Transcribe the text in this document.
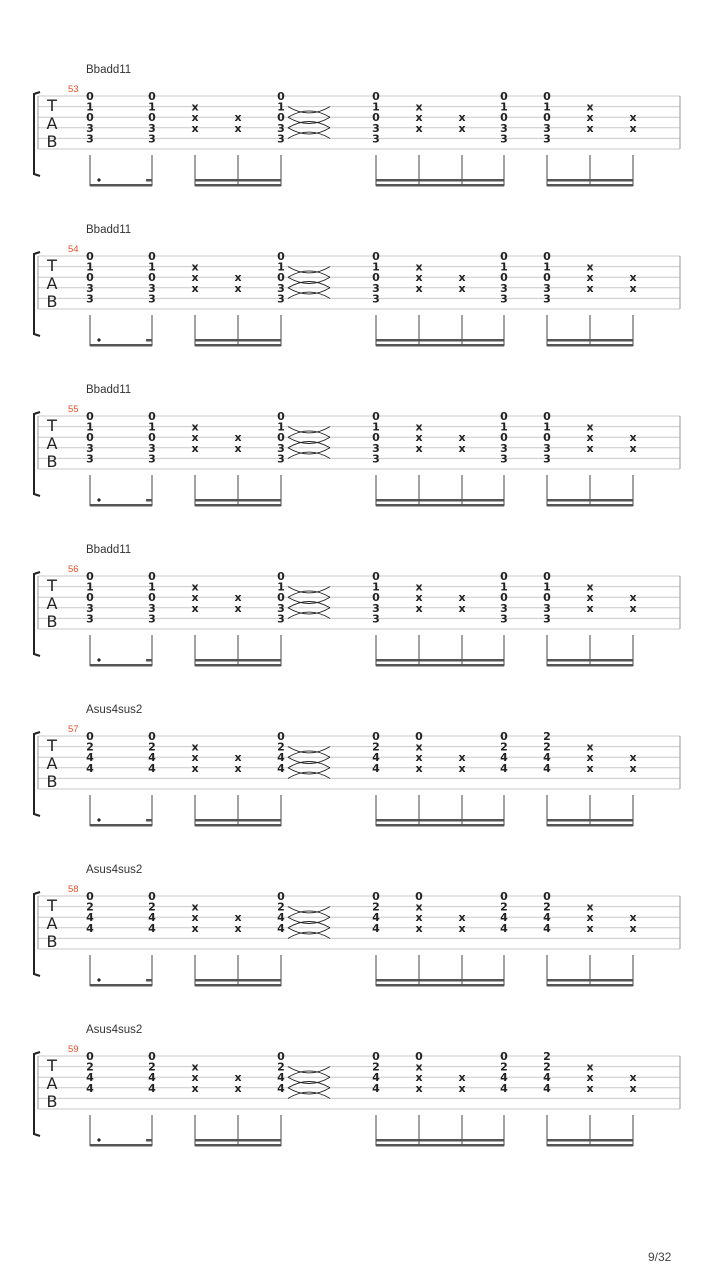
Bbadd11
53
T
A
B
0
1
0
3
3
0
1
0
3
3
x
x
x
x
x
0
1
0
3
3
0
1
0
3
3
x
x
x
x
x
0
1
0
3
3
0
1
0
3
3
x
x
x
x
x
Bbadd11
54
T
A
B
0
1
0
3
3
0
1
0
3
3
x
x
x
x
x
0
1
0
3
3
0
1
0
3
3
x
x
x
x
x
0
1
0
3
3
0
1
0
3
3
x
x
x
x
x
Bbadd11
55
T
A
B
0
1
0
3
3
0
1
0
3
3
x
x
x
x
x
0
1
0
3
3
0
1
0
3
3
x
x
x
x
x
0
1
0
3
3
0
1
0
3
3
x
x
x
x
x
Bbadd11
56
T
A
B
0
1
0
3
3
0
1
0
3
3
x
x
x
x
x
0
1
0
3
3
0
1
0
3
3
x
x
x
x
x
0
1
0
3
3
0
1
0
3
3
x
x
x
x
x
Asus4sus2
57
T
A
B
0
2
4
4
0
2
4
4
x
x
x
x
x
0
2
4
4
0
2
4
4
0
x
x
x
x
x
0
2
4
4
2
2
4
4
x
x
x
x
x
Asus4sus2
58
T
A
B
0
2
4
4
0
2
4
4
x
x
x
x
x
0
2
4
4
0
2
4
4
0
x
x
x
x
x
0
2
4
4
0
2
4
4
x
x
x
x
x
Asus4sus2
59
T
A
B
0
2
4
4
0
2
4
4
x
x
x
x
x
0
2
4
4
0
2
4
4
0
x
x
x
x
x
0
2
4
4
2
2
4
4
x
x
x
x
x
9/32
